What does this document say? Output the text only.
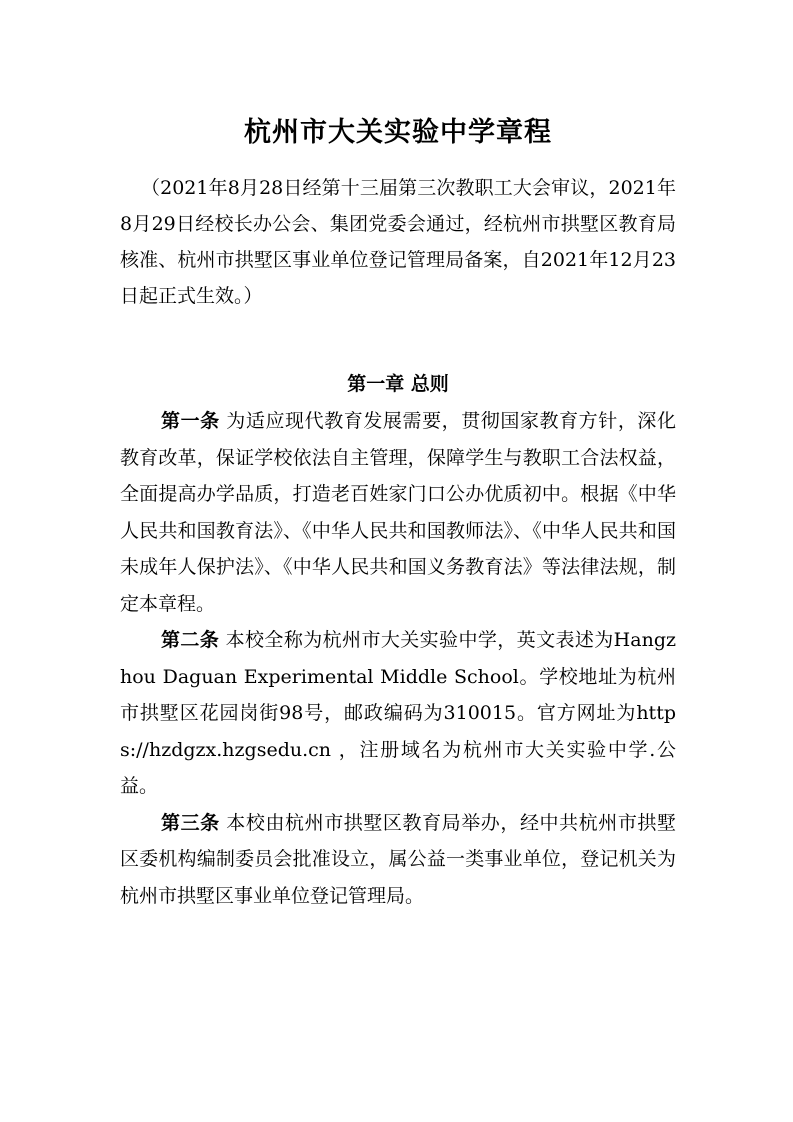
杭州市大关实验中学章程

（2021年8月28日经第十三届第三次教职工大会审议，2021年8月29日经校长办公会、集团党委会通过，经杭州市拱墅区教育局核准、杭州市拱墅区事业单位登记管理局备案，自2021年12月23日起正式生效。）

第一章 总则

第一条 为适应现代教育发展需要，贯彻国家教育方针，深化教育改革，保证学校依法自主管理，保障学生与教职工合法权益，全面提高办学品质，打造老百姓家门口公办优质初中。根据《中华人民共和国教育法》、《中华人民共和国教师法》、《中华人民共和国未成年人保护法》、《中华人民共和国义务教育法》等法律法规，制定本章程。

第二条 本校全称为杭州市大关实验中学，英文表述为Hangzhou Daguan Experimental Middle School。学校地址为杭州市拱墅区花园岗街98号，邮政编码为310015。官方网址为https://hzdgzx.hzgsedu.cn ，注册域名为杭州市大关实验中学.公益。

第三条 本校由杭州市拱墅区教育局举办，经中共杭州市拱墅区委机构编制委员会批准设立，属公益一类事业单位，登记机关为杭州市拱墅区事业单位登记管理局。
